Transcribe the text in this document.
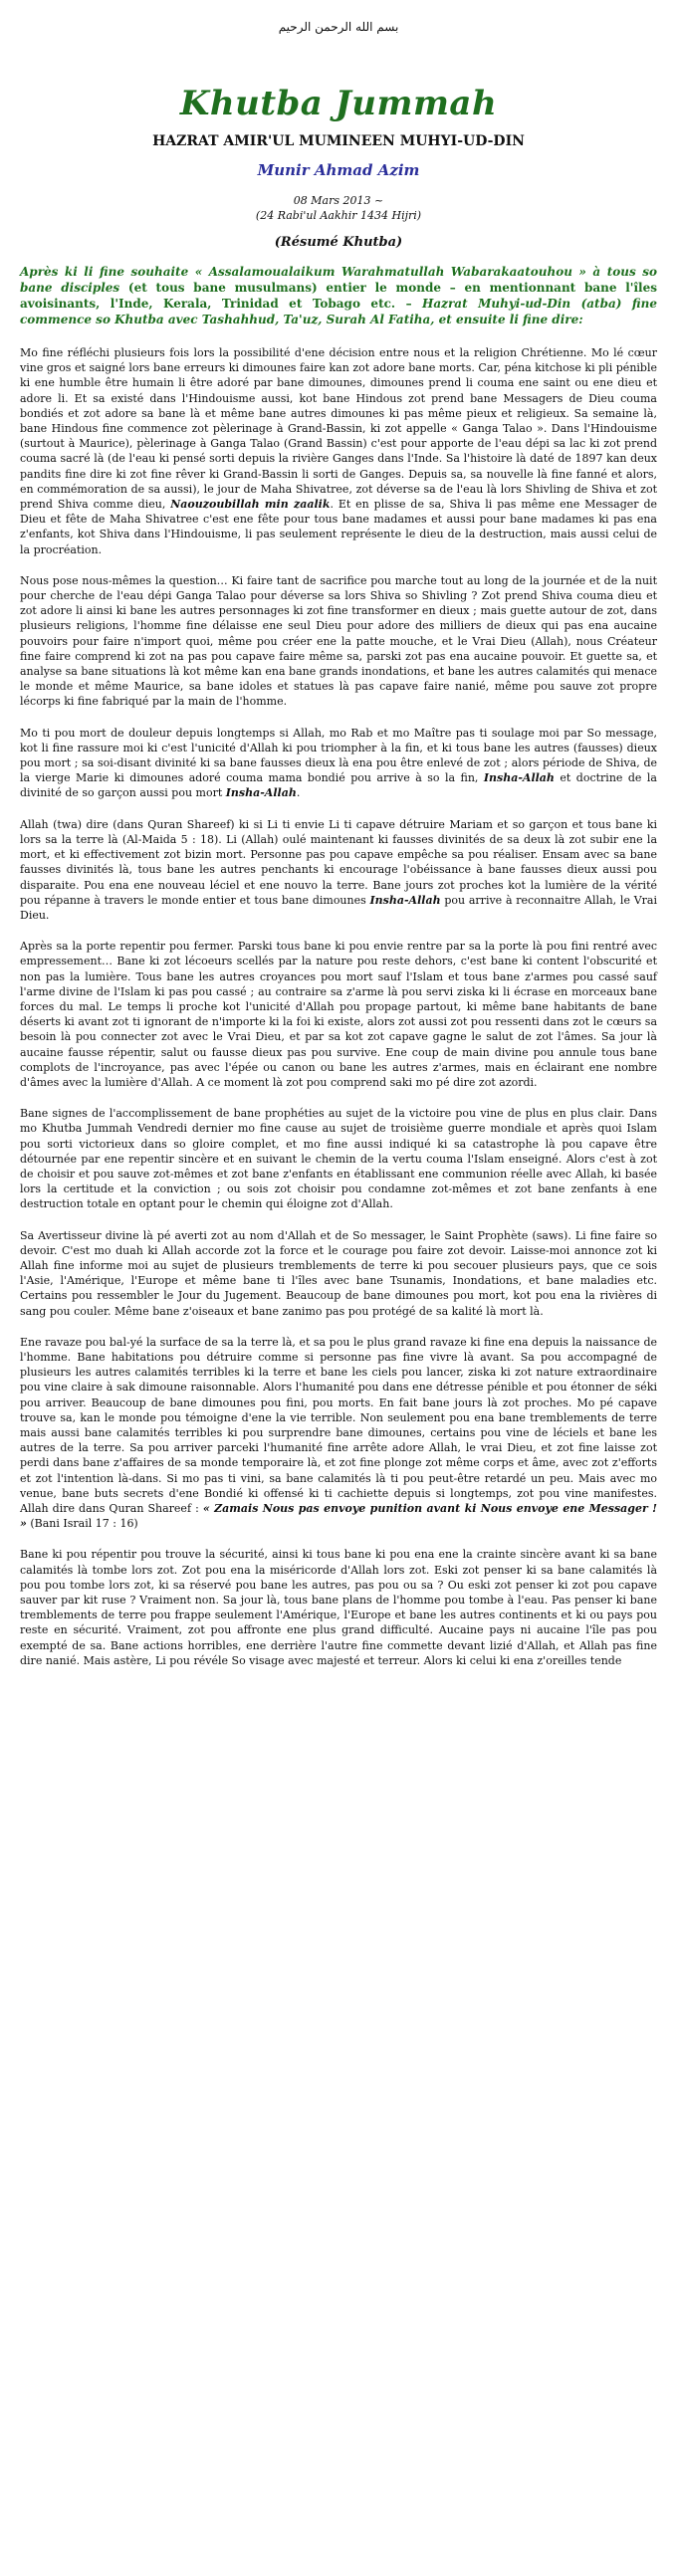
بسم الله الرحمن الرحيم
Khutba Jummah
HAZRAT AMIR'UL MUMINEEN MUHYI-UD-DIN
Munir Ahmad Azim
08 Mars 2013 ~
(24 Rabi'ul Aakhir 1434 Hijri)
(Résumé Khutba)

Après ki li fine souhaite « Assalamoualaikum Warahmatullah Wabarakaatouhou » à tous so bane disciples (et tous bane musulmans) entier le monde – en mentionnant bane l'îles avoisinants, l'Inde, Kerala, Trinidad et Tobago etc. – Hazrat Muhyi-ud-Din (atba) fine commence so Khutba avec Tashahhud, Ta'uz, Surah Al Fatiha, et ensuite li fine dire:

Mo fine réfléchi plusieurs fois lors la possibilité d'ene décision entre nous et la religion Chrétienne. Mo lé cœur vine gros et saigné lors bane erreurs ki dimounes faire kan zot adore bane morts. Car, péna kitchose ki pli pénible ki ene humble être humain li être adoré par bane dimounes, dimounes prend li couma ene saint ou ene dieu et adore li. Et sa existé dans l'Hindouisme aussi, kot bane Hindous zot prend bane Messagers de Dieu couma bondiés et zot adore sa bane là et même bane autres dimounes ki pas même pieux et religieux. Sa semaine là, bane Hindous fine commence zot pèlerinage à Grand-Bassin, ki zot appelle « Ganga Talao ». Dans l'Hindouisme (surtout à Maurice), pèlerinage à Ganga Talao (Grand Bassin) c'est pour apporte de l'eau dépi sa lac ki zot prend couma sacré là (de l'eau ki pensé sorti depuis la rivière Ganges dans l'Inde. Sa l'histoire là daté de 1897 kan deux pandits fine dire ki zot fine rêver ki Grand-Bassin li sorti de Ganges. Depuis sa, sa nouvelle là fine fanné et alors, en commémoration de sa aussi), le jour de Maha Shivatree, zot déverse sa de l'eau là lors Shivling de Shiva et zot prend Shiva comme dieu, Naouzoubillah min zaalik. Et en plisse de sa, Shiva li pas même ene Messager de Dieu et fête de Maha Shivatree c'est ene fête pour tous bane madames et aussi pour bane madames ki pas ena z'enfants, kot Shiva dans l'Hindouisme, li pas seulement représente le dieu de la destruction, mais aussi celui de la procréation.

Nous pose nous-mêmes la question… Ki faire tant de sacrifice pou marche tout au long de la journée et de la nuit pour cherche de l'eau dépi Ganga Talao pour déverse sa lors Shiva so Shivling ? Zot prend Shiva couma dieu et zot adore li ainsi ki bane les autres personnages ki zot fine transformer en dieux ; mais guette autour de zot, dans plusieurs religions, l'homme fine délaisse ene seul Dieu pour adore des milliers de dieux qui pas ena aucaine pouvoirs pour faire n'import quoi, même pou créer ene la patte mouche, et le Vrai Dieu (Allah), nous Créateur fine faire comprend ki zot na pas pou capave faire même sa, parski zot pas ena aucaine pouvoir. Et guette sa, et analyse sa bane situations là kot même kan ena bane grands inondations, et bane les autres calamités qui menace le monde et même Maurice, sa bane idoles et statues là pas capave faire nanié, même pou sauve zot propre lécorps ki fine fabriqué par la main de l'homme.

Mo ti pou mort de douleur depuis longtemps si Allah, mo Rab et mo Maître pas ti soulage moi par So message, kot li fine rassure moi ki c'est l'unicité d'Allah ki pou triompher à la fin, et ki tous bane les autres (fausses) dieux pou mort ; sa soi-disant divinité ki sa bane fausses dieux là ena pou être enlevé de zot ; alors période de Shiva, de la vierge Marie ki dimounes adoré couma mama bondié pou arrive à so la fin, Insha-Allah et doctrine de la divinité de so garçon aussi pou mort Insha-Allah.

Allah (twa) dire (dans Quran Shareef) ki si Li ti envie Li ti capave détruire Mariam et so garçon et tous bane ki lors sa la terre là (Al-Maida 5 : 18). Li (Allah) oulé maintenant ki fausses divinités de sa deux là zot subir ene la mort, et ki effectivement zot bizin mort. Personne pas pou capave empêche sa pou réaliser. Ensam avec sa bane fausses divinités là, tous bane les autres penchants ki encourage l'obéissance à bane fausses dieux aussi pou disparaite. Pou ena ene nouveau léciel et ene nouvo la terre. Bane jours zot proches kot la lumière de la vérité pou répanne à travers le monde entier et tous bane dimounes Insha-Allah pou arrive à reconnaitre Allah, le Vrai Dieu.

Après sa la porte repentir pou fermer. Parski tous bane ki pou envie rentre par sa la porte là pou fini rentré avec empressement… Bane ki zot lécoeurs scellés par la nature pou reste dehors, c'est bane ki content l'obscurité et non pas la lumière. Tous bane les autres croyances pou mort sauf l'Islam et tous bane z'armes pou cassé sauf l'arme divine de l'Islam ki pas pou cassé ; au contraire sa z'arme là pou servi ziska ki li écrase en morceaux bane forces du mal. Le temps li proche kot l'unicité d'Allah pou propage partout, ki même bane habitants de bane déserts ki avant zot ti ignorant de n'importe ki la foi ki existe, alors zot aussi zot pou ressenti dans zot le cœurs sa besoin là pou connecter zot avec le Vrai Dieu, et par sa kot zot capave gagne le salut de zot l'âmes. Sa jour là aucaine fausse répentir, salut ou fausse dieux pas pou survive. Ene coup de main divine pou annule tous bane complots de l'incroyance, pas avec l'épée ou canon ou bane les autres z'armes, mais en éclairant ene nombre d'âmes avec la lumière d'Allah. A ce moment là zot pou comprend saki mo pé dire zot azordi.

Bane signes de l'accomplissement de bane prophéties au sujet de la victoire pou vine de plus en plus clair. Dans mo Khutba Jummah Vendredi dernier mo fine cause au sujet de troisième guerre mondiale et après quoi Islam pou sorti victorieux dans so gloire complet, et mo fine aussi indiqué ki sa catastrophe là pou capave être détournée par ene repentir sincère et en suivant le chemin de la vertu couma l'Islam enseigné. Alors c'est à zot de choisir et pou sauve zot-mêmes et zot bane z'enfants en établissant ene communion réelle avec Allah, ki basée lors la certitude et la conviction ; ou sois zot choisir pou condamne zot-mêmes et zot bane zenfants à ene destruction totale en optant pour le chemin qui éloigne zot d'Allah.

Sa Avertisseur divine là pé averti zot au nom d'Allah et de So messager, le Saint Prophète (saws). Li fine faire so devoir. C'est mo duah ki Allah accorde zot la force et le courage pou faire zot devoir. Laisse-moi annonce zot ki Allah fine informe moi au sujet de plusieurs tremblements de terre ki pou secouer plusieurs pays, que ce sois l'Asie, l'Amérique, l'Europe et même bane ti l'îles avec bane Tsunamis, Inondations, et bane maladies etc. Certains pou ressembler le Jour du Jugement. Beaucoup de bane dimounes pou mort, kot pou ena la rivières di sang pou couler. Même bane z'oiseaux et bane zanimo pas pou protégé de sa kalité là mort là.

Ene ravaze pou bal-yé la surface de sa la terre là, et sa pou le plus grand ravaze ki fine ena depuis la naissance de l'homme. Bane habitations pou détruire comme si personne pas fine vivre là avant. Sa pou accompagné de plusieurs les autres calamités terribles ki la terre et bane les ciels pou lancer, ziska ki zot nature extraordinaire pou vine claire à sak dimoune raisonnable. Alors l'humanité pou dans ene détresse pénible et pou étonner de séki pou arriver. Beaucoup de bane dimounes pou fini, pou morts. En fait bane jours là zot proches. Mo pé capave trouve sa, kan le monde pou témoigne d'ene la vie terrible. Non seulement pou ena bane tremblements de terre mais aussi bane calamités terribles ki pou surprendre bane dimounes, certains pou vine de léciels et bane les autres de la terre. Sa pou arriver parceki l'humanité fine arrête adore Allah, le vrai Dieu, et zot fine laisse zot perdi dans bane z'affaires de sa monde temporaire là, et zot fine plonge zot même corps et âme, avec zot z'efforts et zot l'intention là-dans. Si mo pas ti vini, sa bane calamités là ti pou peut-être retardé un peu. Mais avec mo venue, bane buts secrets d'ene Bondié ki offensé ki ti cachiette depuis si longtemps, zot pou vine manifestes. Allah dire dans Quran Shareef : « Zamais Nous pas envoye punition avant ki Nous envoye ene Messager ! » (Bani Israil 17 : 16)

Bane ki pou répentir pou trouve la sécurité, ainsi ki tous bane ki pou ena ene la crainte sincère avant ki sa bane calamités là tombe lors zot. Zot pou ena la miséricorde d'Allah lors zot. Eski zot penser ki sa bane calamités là pou pou tombe lors zot, ki sa réservé pou bane les autres, pas pou ou sa ? Ou eski zot penser ki zot pou capave sauver par kit ruse ? Vraiment non. Sa jour là, tous bane plans de l'homme pou tombe à l'eau. Pas penser ki bane tremblements de terre pou frappe seulement l'Amérique, l'Europe et bane les autres continents et ki ou pays pou reste en sécurité. Vraiment, zot pou affronte ene plus grand difficulté. Aucaine pays ni aucaine l'île pas pou exempté de sa. Bane actions horribles, ene derrière l'autre fine commette devant lizié d'Allah, et Allah pas fine dire nanié. Mais astère, Li pou révéle So visage avec majesté et terreur. Alors ki celui ki ena z'oreilles tende
